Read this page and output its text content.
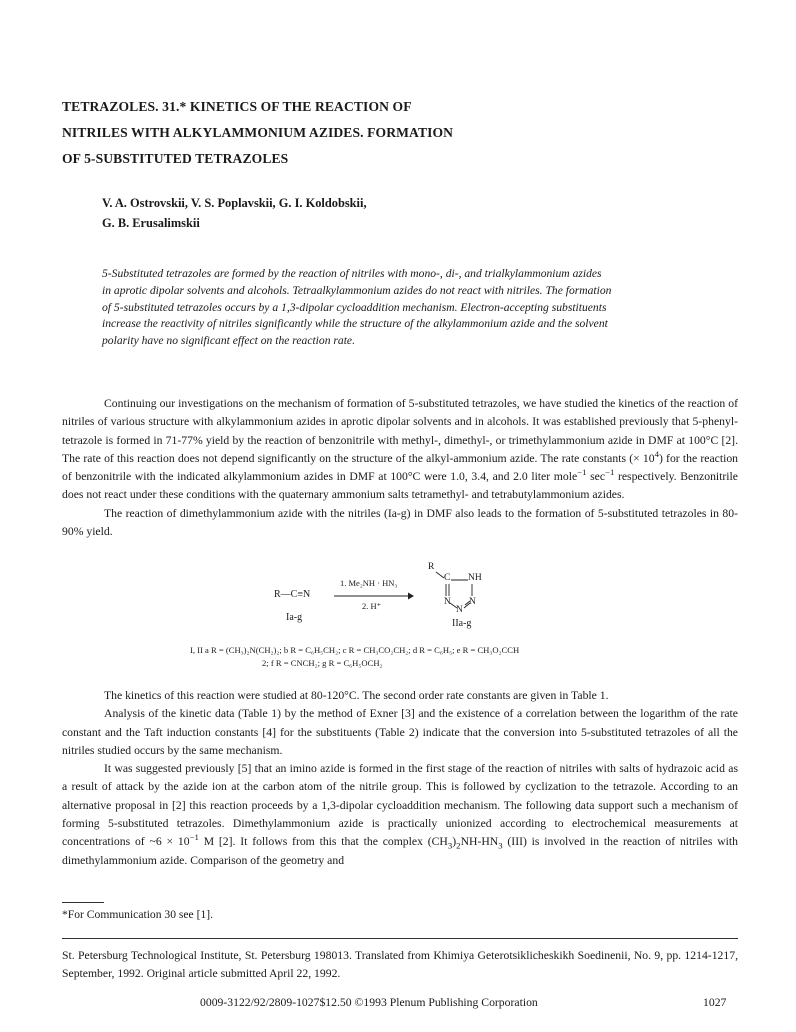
TETRAZOLES. 31.* KINETICS OF THE REACTION OF
NITRILES WITH ALKYLAMMONIUM AZIDES. FORMATION
OF 5-SUBSTITUTED TETRAZOLES
V. A. Ostrovskii, V. S. Poplavskii, G. I. Koldobskii,
G. B. Erusalimskii
5-Substituted tetrazoles are formed by the reaction of nitriles with mono-, di-, and trialkylammonium azides
in aprotic dipolar solvents and alcohols. Tetraalkylammonium azides do not react with nitriles. The formation
of 5-substituted tetrazoles occurs by a 1,3-dipolar cycloaddition mechanism. Electron-accepting substituents
increase the reactivity of nitriles significantly while the structure of the alkylammonium azide and the solvent
polarity have no significant effect on the reaction rate.

Continuing our investigations on the mechanism of formation of 5-substituted tetrazoles, we have studied the kinetics of the reaction of nitriles of various structure with alkylammonium azides in aprotic dipolar solvents and in alcohols. It was established previously that 5-phenyl-tetrazole is formed in 71-77% yield by the reaction of benzonitrile with methyl-, dimethyl-, or trimethylammonium azide in DMF at 100°C [2]. The rate of this reaction does not depend significantly on the structure of the alkyl-ammonium azide. The rate constants (× $10^4$) for the reaction of benzonitrile with the indicated alkylammonium azides in DMF at 100°C were 1.0, 3.4, and 2.0 liter mole$^{-1}$ $\sec^{-1}$ respectively. Benzonitrile does not react under these conditions with the quaternary ammonium salts tetramethyl- and tetrabutylammonium azides.

The reaction of dimethylammonium azide with the nitriles (Ia-g) in DMF also leads to the formation of 5-substituted tetrazoles in 80-90% yield.

R—C≡N
Ia-g
1. Me₂NH · HN₃
2. H⁺
R
C NH
N
N
N
IIa-g
I, II a R = (CH₃)₂N(CH₂)₂; b R = C₆H₅CH₂; c R = CH₃CO₂CH₂; d R = C₆H₅; e R = CH₃O₂CCH
2; f R = CNCH₂; g R = C₆H₅OCH₂

The kinetics of this reaction were studied at 80-120°C. The second order rate constants are given in Table 1.

Analysis of the kinetic data (Table 1) by the method of Exner [3] and the existence of a correlation between the logarithm of the rate constant and the Taft induction constants [4] for the substituents (Table 2) indicate that the conversion into 5-substituted tetrazoles of all the nitriles studied occurs by the same mechanism.

It was suggested previously [5] that an imino azide is formed in the first stage of the reaction of nitriles with salts of hydrazoic acid as a result of attack by the azide ion at the carbon atom of the nitrile group. This is followed by cyclization to the tetrazole. According to an alternative proposal in [2] this reaction proceeds by a 1,3-dipolar cycloaddition mechanism. The following data support such a mechanism of forming 5-substituted tetrazoles. Dimethylammonium azide is practically unionized according to electrochemical measurements at concentrations of ~6 × $10^{-1}$ M [2]. It follows from this that the complex $(CH_3)_2NH-HN_3$ (III) is involved in the reaction of nitriles with dimethylammonium azide. Comparison of the geometry and

*For Communication 30 see [1].
St. Petersburg Technological Institute, St. Petersburg 198013. Translated from Khimiya Geterotsiklicheskikh Soedinenii, No. 9, pp. 1214-1217, September, 1992. Original article submitted April 22, 1992.
0009-3122/92/2809-1027$12.50 ©1993 Plenum Publishing Corporation	1027
